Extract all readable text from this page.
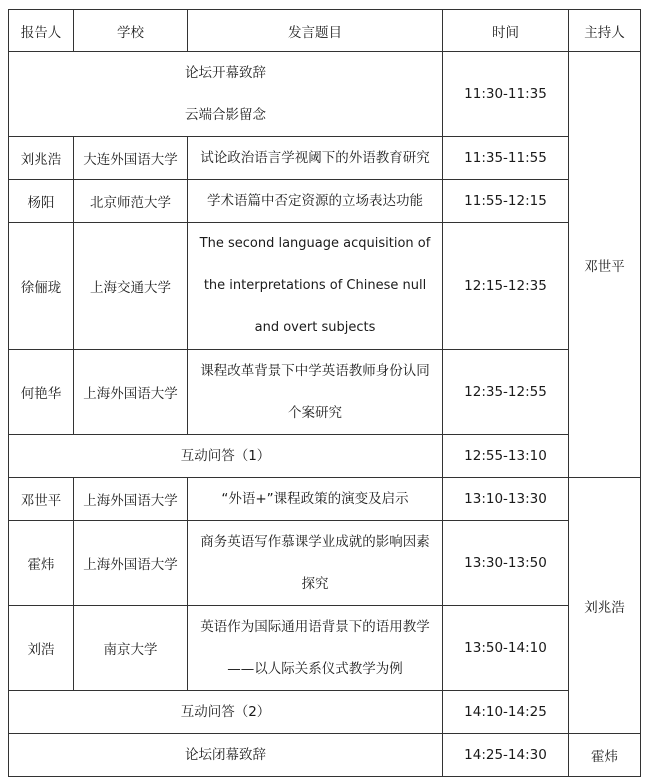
报告人	学校	发言题目	时间	主持人

论坛开幕致辞
云端合影留念			11:30-11:35	邓世平
刘兆浩	大连外国语大学	试论政治语言学视阈下的外语教育研究	11:35-11:55	
杨阳	北京师范大学	学术语篇中否定资源的立场表达功能	11:55-12:15	
徐俪珑	上海交通大学	The second language acquisition of
the interpretations of Chinese null
and overt subjects	12:15-12:35	
何艳华	上海外国语大学	课程改革背景下中学英语教师身份认同
个案研究	12:35-12:55	

互动问答（1）			12:55-13:10	
邓世平	上海外国语大学	“外语+”课程政策的演变及启示	13:10-13:30	刘兆浩
霍炜	上海外国语大学	商务英语写作慕课学业成就的影响因素
探究	13:30-13:50	
刘浩	南京大学	英语作为国际通用语背景下的语用教学
——以人际关系仪式教学为例	13:50-14:10	

互动问答（2）			14:10-14:25	

论坛闭幕致辞			14:25-14:30	霍炜
